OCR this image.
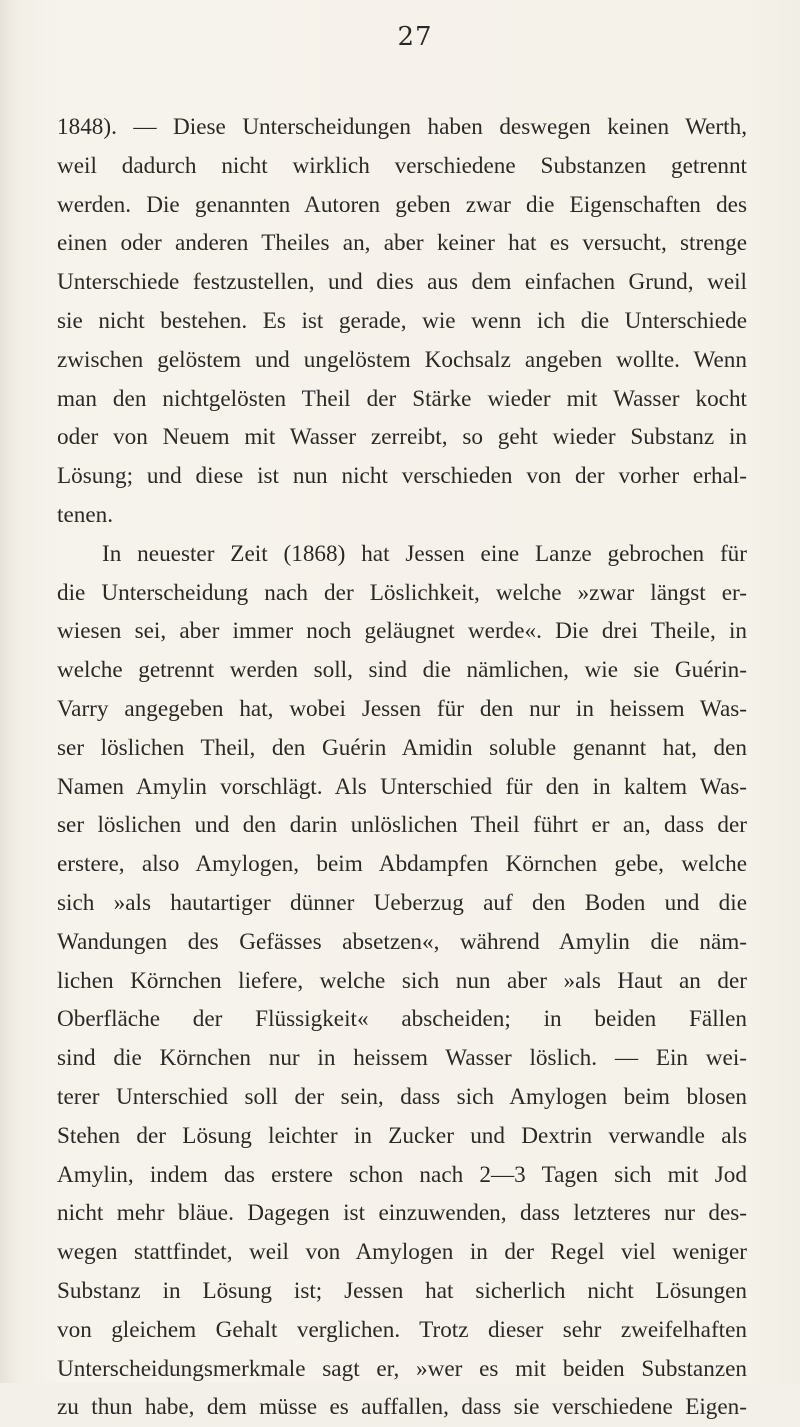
27
1848). — Diese Unterscheidungen haben deswegen keinen Werth,
weil dadurch nicht wirklich verschiedene Substanzen getrennt
werden. Die genannten Autoren geben zwar die Eigenschaften des
einen oder anderen Theiles an, aber keiner hat es versucht, strenge
Unterschiede festzustellen, und dies aus dem einfachen Grund, weil
sie nicht bestehen. Es ist gerade, wie wenn ich die Unterschiede
zwischen gelöstem und ungelöstem Kochsalz angeben wollte. Wenn
man den nichtgelösten Theil der Stärke wieder mit Wasser kocht
oder von Neuem mit Wasser zerreibt, so geht wieder Substanz in
Lösung; und diese ist nun nicht verschieden von der vorher erhal-
tenen.
In neuester Zeit (1868) hat Jessen eine Lanze gebrochen für
die Unterscheidung nach der Löslichkeit, welche »zwar längst er-
wiesen sei, aber immer noch geläugnet werde«. Die drei Theile, in
welche getrennt werden soll, sind die nämlichen, wie sie Guérin-
Varry angegeben hat, wobei Jessen für den nur in heissem Was-
ser löslichen Theil, den Guérin Amidin soluble genannt hat, den
Namen Amylin vorschlägt. Als Unterschied für den in kaltem Was-
ser löslichen und den darin unlöslichen Theil führt er an, dass der
erstere, also Amylogen, beim Abdampfen Körnchen gebe, welche
sich »als hautartiger dünner Ueberzug auf den Boden und die
Wandungen des Gefässes absetzen«, während Amylin die näm-
lichen Körnchen liefere, welche sich nun aber »als Haut an der
Oberfläche der Flüssigkeit« abscheiden; in beiden Fällen
sind die Körnchen nur in heissem Wasser löslich. — Ein wei-
terer Unterschied soll der sein, dass sich Amylogen beim blosen
Stehen der Lösung leichter in Zucker und Dextrin verwandle als
Amylin, indem das erstere schon nach 2—3 Tagen sich mit Jod
nicht mehr bläue. Dagegen ist einzuwenden, dass letzteres nur des-
wegen stattfindet, weil von Amylogen in der Regel viel weniger
Substanz in Lösung ist; Jessen hat sicherlich nicht Lösungen
von gleichem Gehalt verglichen. Trotz dieser sehr zweifelhaften
Unterscheidungsmerkmale sagt er, »wer es mit beiden Substanzen
zu thun habe, dem müsse es auffallen, dass sie verschiedene Eigen-
